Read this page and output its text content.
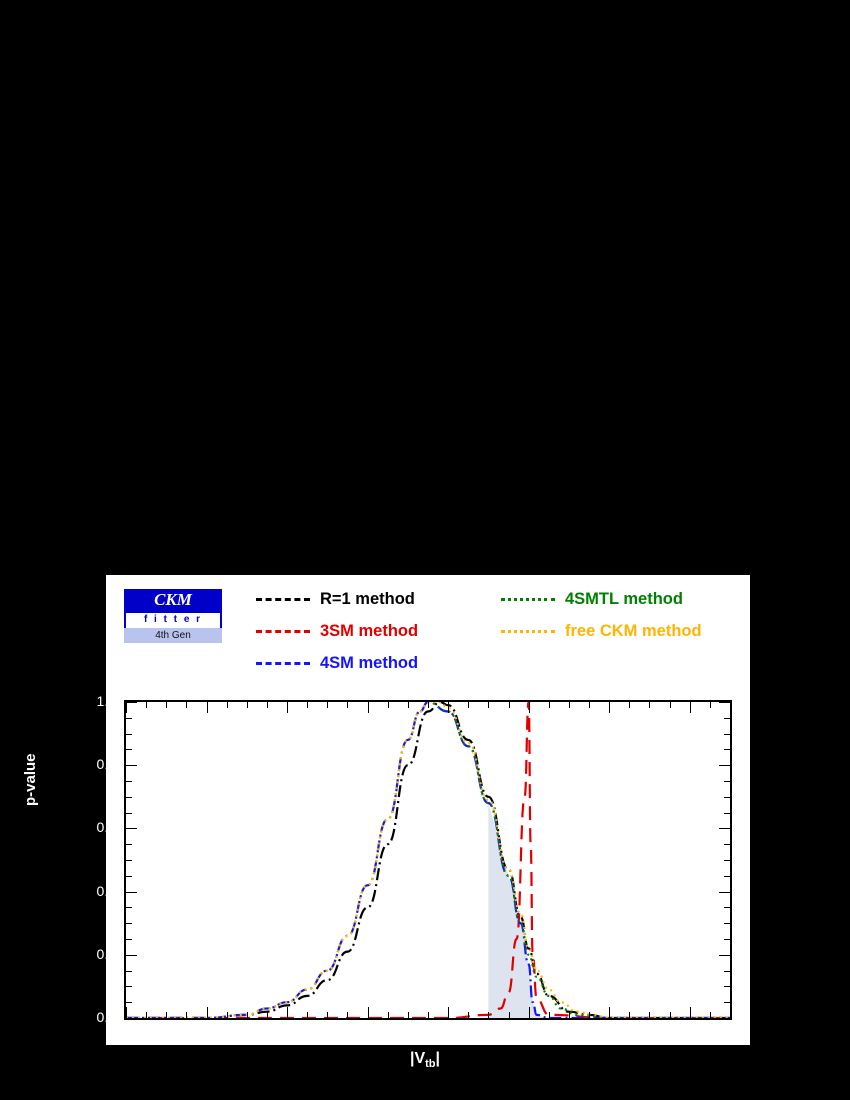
CKM
f i t t e r
4th Gen
R=1 method
3SM method
4SM method
4SMTL method
free CKM method
0.0	0.2	0.4	0.6	0.8	1.0	1.2	1.4
0.0
0.2
0.4
0.6
0.8
1.0
p-value
$|V_{tb}|$
